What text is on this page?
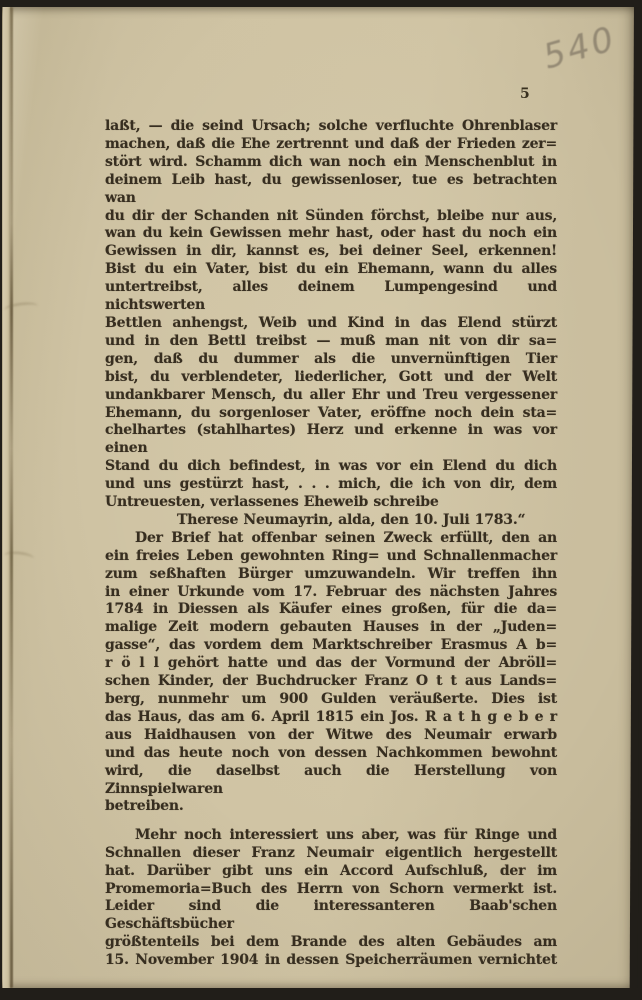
540
5
laßt, — die seind Ursach; solche verfluchte Ohrenblaser
machen, daß die Ehe zertrennt und daß der Frieden zer=
stört wird. Schamm dich wan noch ein Menschenblut in
deinem Leib hast, du gewissenloser, tue es betrachten wan
du dir der Schanden nit Sünden förchst, bleibe nur aus,
wan du kein Gewissen mehr hast, oder hast du noch ein
Gewissen in dir, kannst es, bei deiner Seel, erkennen!
Bist du ein Vater, bist du ein Ehemann, wann du alles
untertreibst, alles deinem Lumpengesind und nichtswerten
Bettlen anhengst, Weib und Kind in das Elend stürzt
und in den Bettl treibst — muß man nit von dir sa=
gen, daß du dummer als die unvernünftigen Tier
bist, du verblendeter, liederlicher, Gott und der Welt
undankbarer Mensch, du aller Ehr und Treu vergessener
Ehemann, du sorgenloser Vater, eröffne noch dein sta=
chelhartes (stahlhartes) Herz und erkenne in was vor einen
Stand du dich befindest, in was vor ein Elend du dich
und uns gestürzt hast, . . . mich, die ich von dir, dem
Untreuesten, verlassenes Eheweib schreibe
Therese Neumayrin, alda, den 10. Juli 1783.“
Der Brief hat offenbar seinen Zweck erfüllt, den an
ein freies Leben gewohnten Ring= und Schnallenmacher
zum seßhaften Bürger umzuwandeln. Wir treffen ihn
in einer Urkunde vom 17. Februar des nächsten Jahres
1784 in Diessen als Käufer eines großen, für die da=
malige Zeit modern gebauten Hauses in der „Juden=
gasse“, das vordem dem Marktschreiber Erasmus A b=
r ö l l gehört hatte und das der Vormund der Abröll=
schen Kinder, der Buchdrucker Franz O t t aus Lands=
berg, nunmehr um 900 Gulden veräußerte. Dies ist
das Haus, das am 6. April 1815 ein Jos. R a t h g e b e r
aus Haidhausen von der Witwe des Neumair erwarb
und das heute noch von dessen Nachkommen bewohnt
wird, die daselbst auch die Herstellung von Zinnspielwaren
betreiben.
Mehr noch interessiert uns aber, was für Ringe und
Schnallen dieser Franz Neumair eigentlich hergestellt
hat. Darüber gibt uns ein Accord Aufschluß, der im
Promemoria=Buch des Herrn von Schorn vermerkt ist.
Leider sind die interessanteren Baab'schen Geschäftsbücher
größtenteils bei dem Brande des alten Gebäudes am
15. November 1904 in dessen Speicherräumen vernichtet
